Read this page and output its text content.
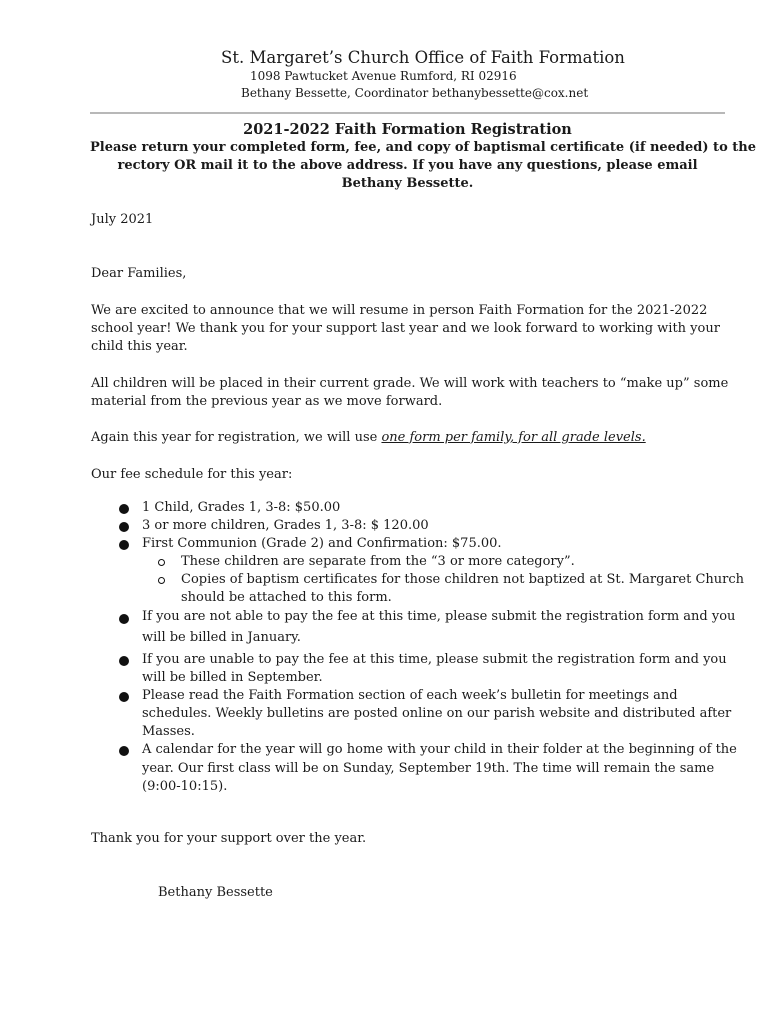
St. Margaret’s Church Office of Faith Formation
1098 Pawtucket Avenue Rumford, RI 02916
Bethany Bessette, Coordinator bethanybessette@cox.net
2021-2022 Faith Formation Registration
Please return your completed form, fee, and copy of baptismal certificate (if needed) to the
rectory OR mail it to the above address. If you have any questions, please email
Bethany Bessette.
July 2021
Dear Families,
We are excited to announce that we will resume in person Faith Formation for the 2021-2022
school year! We thank you for your support last year and we look forward to working with your
child this year.
All children will be placed in their current grade. We will work with teachers to “make up” some
material from the previous year as we move forward.
Again this year for registration, we will use one form per family, for all grade levels.
Our fee schedule for this year:
1 Child, Grades 1, 3-8: $50.00
3 or more children, Grades 1, 3-8: $ 120.00
First Communion (Grade 2) and Confirmation: $75.00.
These children are separate from the “3 or more category”.
Copies of baptism certificates for those children not baptized at St. Margaret Church
should be attached to this form.
If you are not able to pay the fee at this time, please submit the registration form and you
will be billed in January.
If you are unable to pay the fee at this time, please submit the registration form and you
will be billed in September.
Please read the Faith Formation section of each week’s bulletin for meetings and
schedules. Weekly bulletins are posted online on our parish website and distributed after
Masses.
A calendar for the year will go home with your child in their folder at the beginning of the
year. Our first class will be on Sunday, September 19th. The time will remain the same
(9:00-10:15).
Thank you for your support over the year.
Bethany Bessette
